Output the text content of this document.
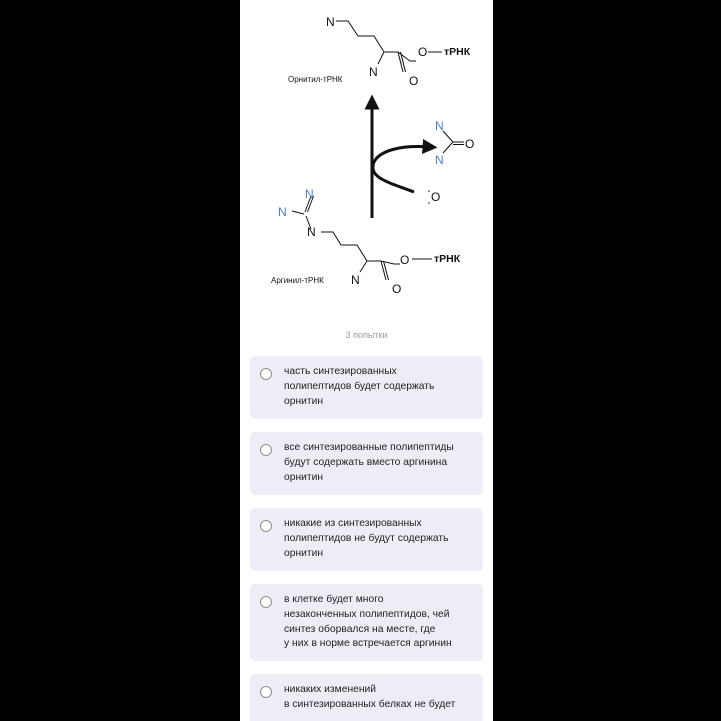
N
N
O
O тРНК
Орнитил-тРНК
N
N
O
O
N
N
N
N
O
O тРНК
Аргинил-тРНК
3 попытки
часть синтезированных
полипептидов будет содержать
орнитин
все синтезированные полипептиды
будут содержать вместо аргинина
орнитин
никакие из синтезированных
полипептидов не будут содержать
орнитин
в клетке будет много
незаконченных полипептидов, чей
синтез оборвался на месте, где
у них в норме встречается аргинин
никаких изменений
в синтезированных белках не будет
